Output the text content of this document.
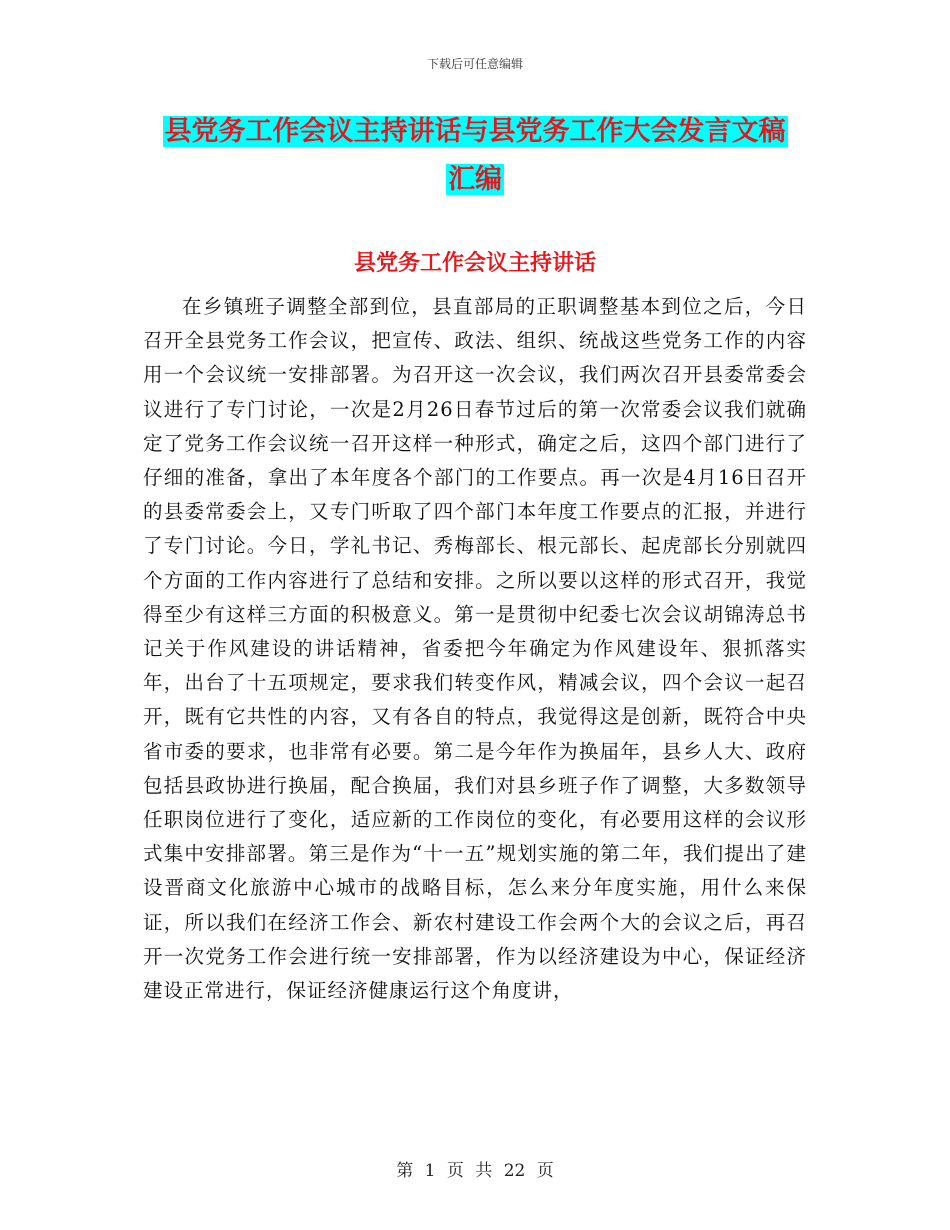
下载后可任意编辑
县党务工作会议主持讲话与县党务工作大会发言文稿
汇编
县党务工作会议主持讲话

在乡镇班子调整全部到位，县直部局的正职调整基本到位之后，今日召开全县党务工作会议，把宣传、政法、组织、统战这些党务工作的内容用一个会议统一安排部署。为召开这一次会议，我们两次召开县委常委会议进行了专门讨论，一次是2月26日春节过后的第一次常委会议我们就确定了党务工作会议统一召开这样一种形式，确定之后，这四个部门进行了仔细的准备，拿出了本年度各个部门的工作要点。再一次是4月16日召开的县委常委会上，又专门听取了四个部门本年度工作要点的汇报，并进行了专门讨论。今日，学礼书记、秀梅部长、根元部长、起虎部长分别就四个方面的工作内容进行了总结和安排。之所以要以这样的形式召开，我觉得至少有这样三方面的积极意义。第一是贯彻中纪委七次会议胡锦涛总书记关于作风建设的讲话精神，省委把今年确定为作风建设年、狠抓落实年，出台了十五项规定，要求我们转变作风，精减会议，四个会议一起召开，既有它共性的内容，又有各自的特点，我觉得这是创新，既符合中央省市委的要求，也非常有必要。第二是今年作为换届年，县乡人大、政府包括县政协进行换届，配合换届，我们对县乡班子作了调整，大多数领导任职岗位进行了变化，适应新的工作岗位的变化，有必要用这样的会议形式集中安排部署。第三是作为“十一五”规划实施的第二年，我们提出了建设晋商文化旅游中心城市的战略目标，怎么来分年度实施，用什么来保证，所以我们在经济工作会、新农村建设工作会两个大的会议之后，再召开一次党务工作会进行统一安排部署，作为以经济建设为中心，保证经济建设正常进行，保证经济健康运行这个角度讲，

第 1 页 共 22 页
